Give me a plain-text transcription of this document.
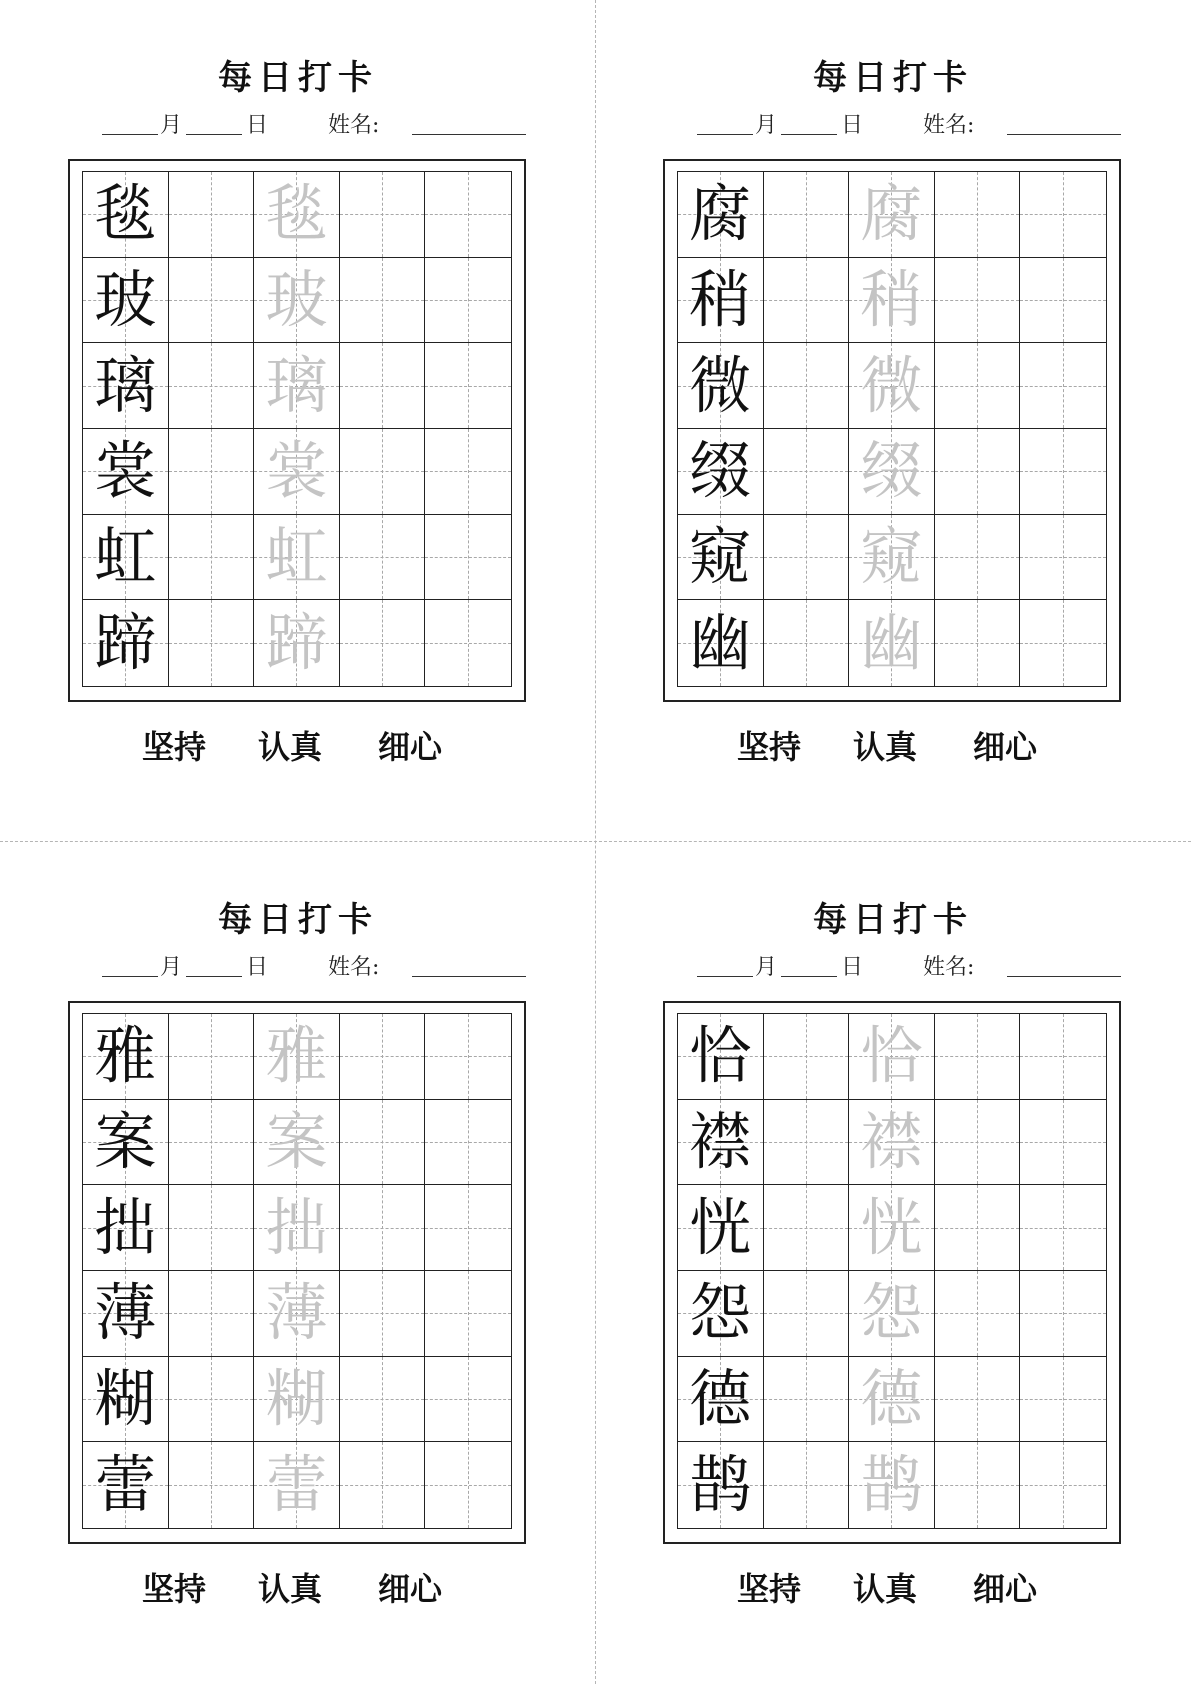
每日打卡
月	日	姓名:
毯 毯
玻 玻
璃 璃
裳 裳
虹 虹
蹄 蹄
坚持 认真 细心
每日打卡
月	日	姓名:
腐 腐
稍 稍
微 微
缀 缀
窥 窥
幽 幽
坚持 认真 细心
每日打卡
月	日	姓名:
雅 雅
案 案
拙 拙
薄 薄
糊 糊
蕾 蕾
坚持 认真 细心
每日打卡
月	日	姓名:
恰 恰
襟 襟
恍 恍
怨 怨
德 德
鹊 鹊
坚持 认真 细心
